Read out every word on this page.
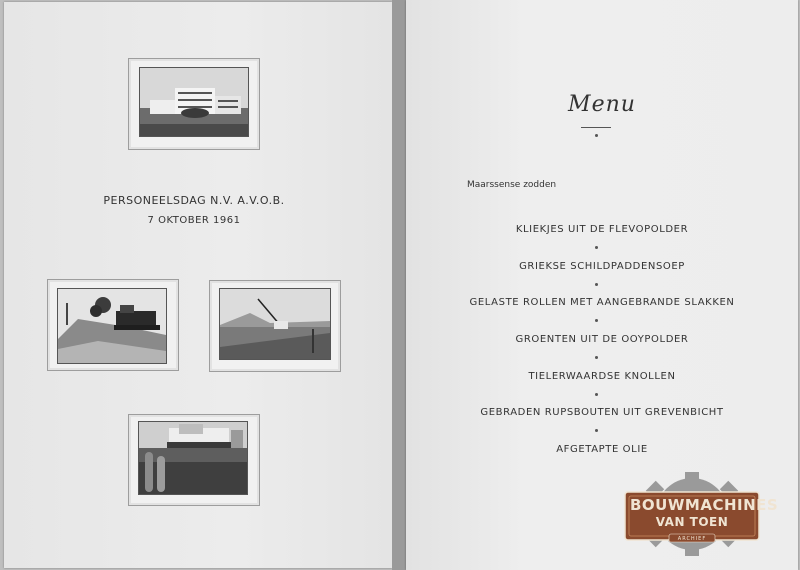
PERSONEELSDAG N.V. A.V.O.B.
7 OKTOBER 1961
Menu
Maarssense zodden
KLIEKJES UIT DE FLEVOPOLDER
GRIEKSE SCHILDPADDENSOEP
GELASTE ROLLEN MET AANGEBRANDE SLAKKEN
GROENTEN UIT DE OOYPOLDER
TIELERWAARDSE KNOLLEN
GEBRADEN RUPSBOUTEN UIT GREVENBICHT
AFGETAPTE OLIE
BOUWMACHINES
VAN TOEN
ARCHIEF
